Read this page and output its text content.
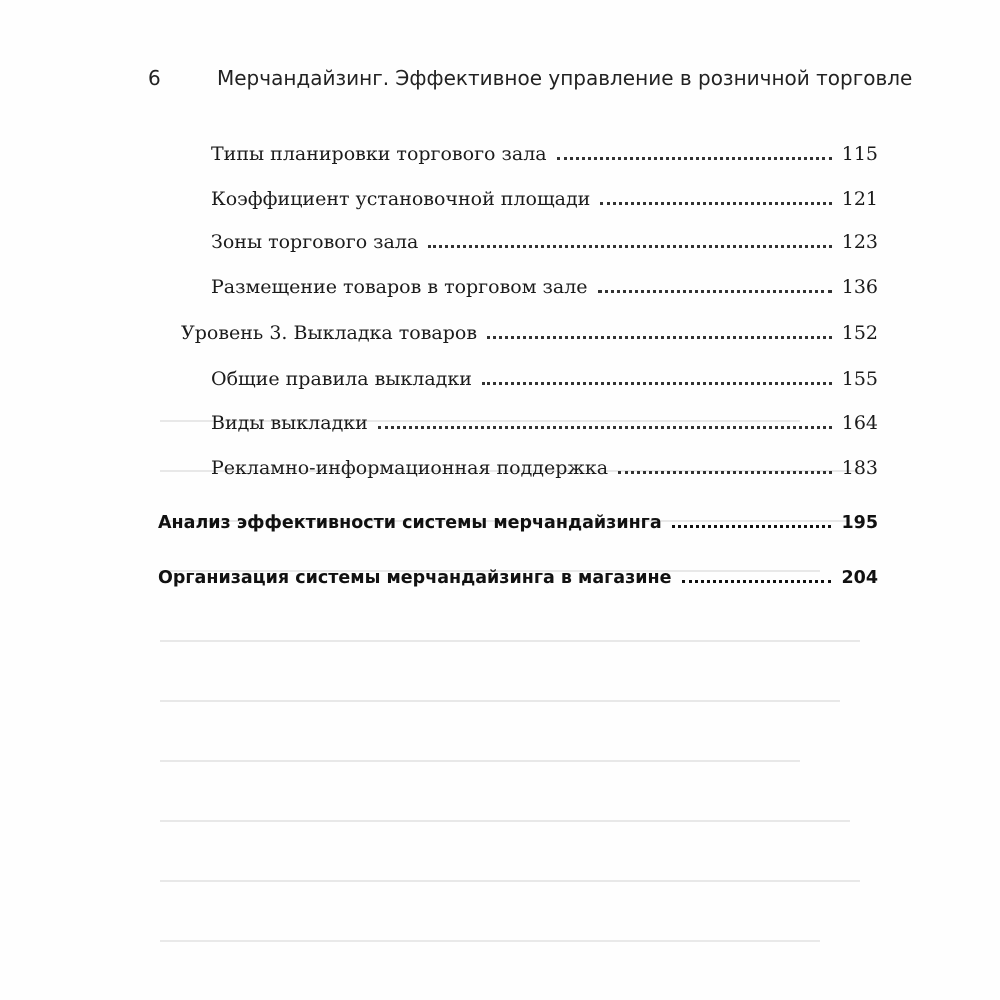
6	Мерчандайзинг. Эффективное управление в розничной торговле
Типы планировки торгового зала	115
Коэффициент установочной площади	121
Зоны торгового зала	123
Размещение товаров в торговом зале	136
Уровень 3. Выкладка товаров	152
Общие правила выкладки	155
Виды выкладки	164
Рекламно-информационная поддержка	183
Анализ эффективности системы мерчандайзинга	195
Организация системы мерчандайзинга в магазине	204
